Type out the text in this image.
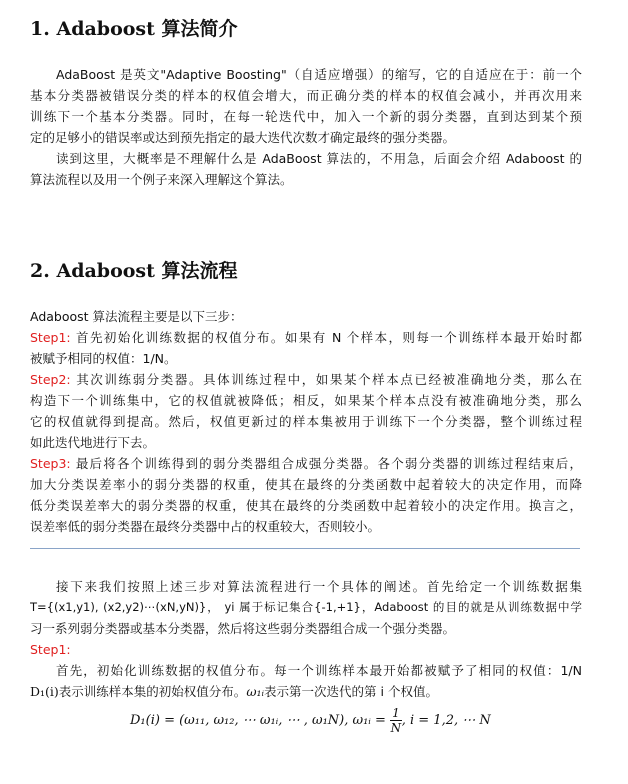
1. Adaboost 算法简介
AdaBoost 是英文"Adaptive Boosting"（自适应增强）的缩写，它的自适应在于：前一个
基本分类器被错误分类的样本的权值会增大，而正确分类的样本的权值会减小，并再次用来
训练下一个基本分类器。同时，在每一轮迭代中，加入一个新的弱分类器，直到达到某个预
定的足够小的错误率或达到预先指定的最大迭代次数才确定最终的强分类器。
读到这里，大概率是不理解什么是 AdaBoost 算法的，不用急，后面会介绍 Adaboost 的
算法流程以及用一个例子来深入理解这个算法。
2. Adaboost 算法流程
Adaboost 算法流程主要是以下三步：
Step1: 首先初始化训练数据的权值分布。如果有 N 个样本，则每一个训练样本最开始时都
被赋予相同的权值：1/N。
Step2: 其次训练弱分类器。具体训练过程中，如果某个样本点已经被准确地分类，那么在
构造下一个训练集中，它的权值就被降低；相反，如果某个样本点没有被准确地分类，那么
它的权值就得到提高。然后，权值更新过的样本集被用于训练下一个分类器，整个训练过程
如此迭代地进行下去。
Step3: 最后将各个训练得到的弱分类器组合成强分类器。各个弱分类器的训练过程结束后，
加大分类误差率小的弱分类器的权重，使其在最终的分类函数中起着较大的决定作用，而降
低分类误差率大的弱分类器的权重，使其在最终的分类函数中起着较小的决定作用。换言之，
误差率低的弱分类器在最终分类器中占的权重较大，否则较小。
接下来我们按照上述三步对算法流程进行一个具体的阐述。首先给定一个训练数据集
T={(x1,y1), (x2,y2)⋯(xN,yN)}， yi 属于标记集合{-1,+1}，Adaboost 的目的就是从训练数据中学
习一系列弱分类器或基本分类器，然后将这些弱分类器组合成一个强分类器。
Step1:
首先，初始化训练数据的权值分布。每一个训练样本最开始都被赋予了相同的权值：1/N
D₁(i)表示训练样本集的初始权值分布。ω₁ᵢ表示第一次迭代的第 i 个权值。
D₁(i) = (ω₁₁, ω₁₂, ⋯ ω₁ᵢ, ⋯ , ω₁N), ω₁ᵢ = $\frac{1}{N}$ , i = 1,2, ⋯ N
